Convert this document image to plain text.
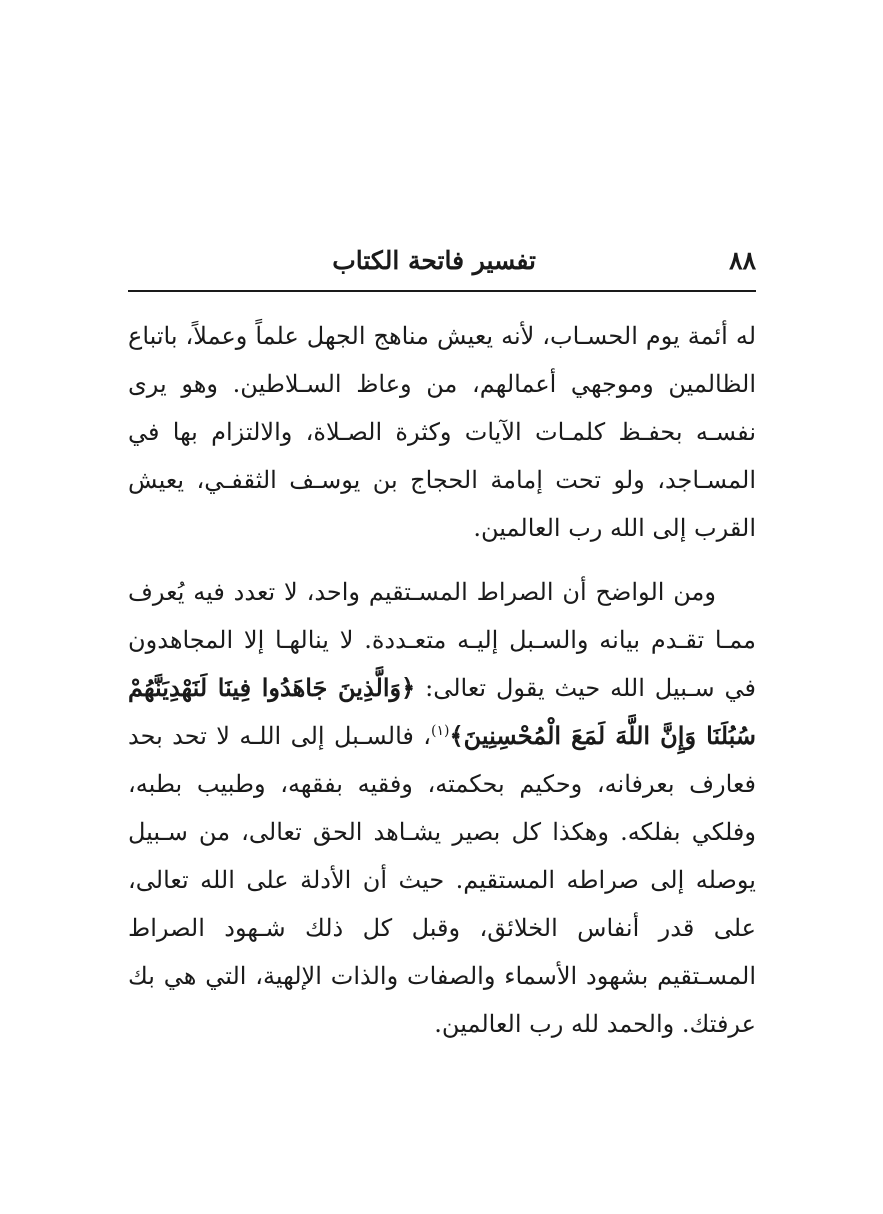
٨٨
تفسير فاتحة الكتاب

له أئمة يوم الحسـاب، لأنه يعيش مناهج الجهل علماً وعملاً، باتباع الظالمين وموجهي أعمالهم، من وعاظ السـلاطين. وهو يرى نفسـه بحفـظ كلمـات الآيات وكثرة الصـلاة، والالتزام بها في المسـاجد، ولو تحت إمامة الحجاج بن يوسـف الثقفـي، يعيش القرب إلى الله رب العالمين.

ومن الواضح أن الصراط المسـتقيم واحد، لا تعدد فيه يُعرف ممـا تقـدم بيانه والسـبل إليـه متعـددة. لا ينالهـا إلا المجاهدون في سـبيل الله حيث يقول تعالى: ﴿وَالَّذِينَ جَاهَدُوا فِينَا لَنَهْدِيَنَّهُمْ سُبُلَنَا وَإِنَّ اللَّهَ لَمَعَ الْمُحْسِنِينَ﴾$^{(١)}$، فالسـبل إلى اللـه لا تحد بحد فعارف بعرفانه، وحكيم بحكمته، وفقيه بفقهه، وطبيب بطبه، وفلكي بفلكه. وهكذا كل بصير يشـاهد الحق تعالى، من سـبيل يوصله إلى صراطه المستقيم. حيث أن الأدلة على الله تعالى، على قدر أنفاس الخلائق، وقبل كل ذلك شـهود الصراط المسـتقيم بشهود الأسماء والصفات والذات الإلهية، التي هي بك عرفتك. والحمد لله رب العالمين.
